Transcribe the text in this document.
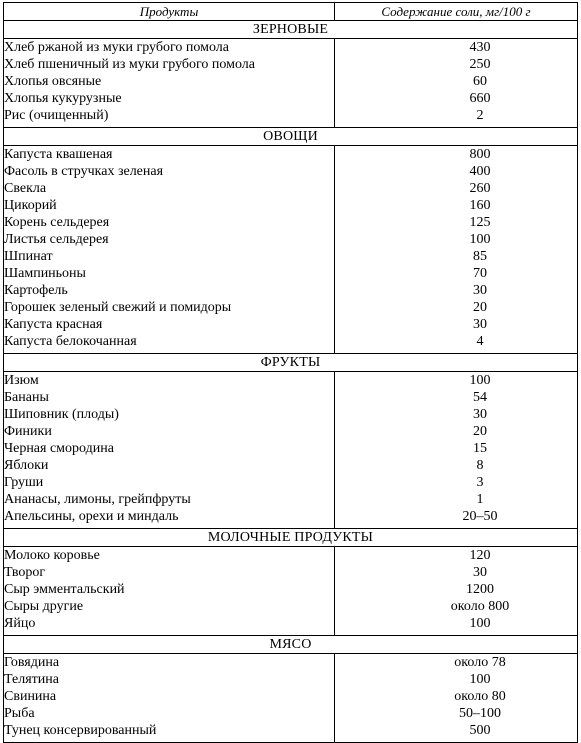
Продукты	Содержание соли, мг/100 г
ЗЕРНОВЫЕ	
Хлеб ржаной из муки грубого помола	430

Хлеб пшеничный из муки грубого помола	250

Хлопья овсяные	60

Хлопья кукурузные	660

Рис (очищенный)	2

ОВОЩИ	
Капуста квашеная	800

Фасоль в стручках зеленая	400

Свекла	260

Цикорий	160

Корень сельдерея	125

Листья сельдерея	100

Шпинат	85

Шампиньоны	70

Картофель	30

Горошек зеленый свежий и помидоры	20

Капуста красная	30

Капуста белокочанная	4

ФРУКТЫ	
Изюм	100

Бананы	54

Шиповник (плоды)	30

Финики	20

Черная смородина	15

Яблоки	8

Груши	3

Ананасы, лимоны, грейпфруты	1

Апельсины, орехи и миндаль	20–50

МОЛОЧНЫЕ ПРОДУКТЫ	
Молоко коровье	120

Творог	30

Сыр эмментальский	1200

Сыры другие	около 800

Яйцо	100

МЯСО	
Говядина	около 78

Телятина	100

Свинина	около 80

Рыба	50–100

Тунец консервированный	500
